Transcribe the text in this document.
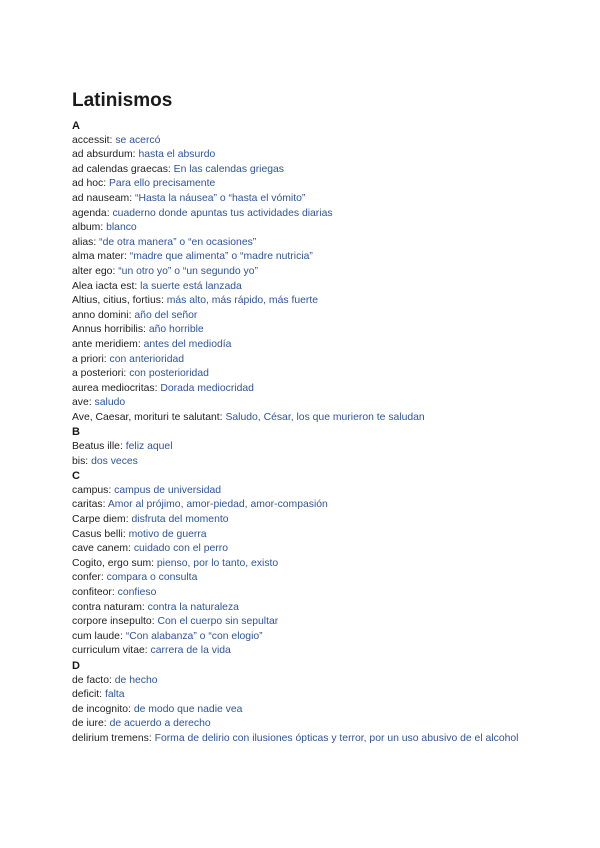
Latinismos
A
accessit: se acercó
ad absurdum: hasta el absurdo
ad calendas graecas: En las calendas griegas
ad hoc: Para ello precisamente
ad nauseam: “Hasta la náusea” o “hasta el vómito”
agenda: cuaderno donde apuntas tus actividades diarias
album: blanco
alias: “de otra manera” o “en ocasiones”
alma mater: “madre que alimenta” o “madre nutricia”
alter ego: “un otro yo” o “un segundo yo”
Alea iacta est: la suerte está lanzada
Altius, citius, fortius: más alto, más rápido, más fuerte
anno domini: año del señor
Annus horribilis: año horrible
ante meridiem: antes del mediodía
a priori: con anterioridad
a posteriori: con posterioridad
aurea mediocritas: Dorada mediocridad
ave: saludo
Ave, Caesar, morituri te salutant: Saludo, César, los que murieron te saludan
B
Beatus ille: feliz aquel
bis: dos veces
C
campus: campus de universidad
caritas: Amor al prójimo, amor-piedad, amor-compasión
Carpe diem: disfruta del momento
Casus belli: motivo de guerra
cave canem: cuidado con el perro
Cogito, ergo sum: pienso, por lo tanto, existo
confer: compara o consulta
confiteor: confieso
contra naturam: contra la naturaleza
corpore insepulto: Con el cuerpo sin sepultar
cum laude: “Con alabanza” o “con elogio”
curriculum vitae: carrera de la vida
D
de facto: de hecho
deficit: falta
de incognito: de modo que nadie vea
de iure: de acuerdo a derecho
delirium tremens: Forma de delirio con ilusiones ópticas y terror, por un uso abusivo de el alcohol
